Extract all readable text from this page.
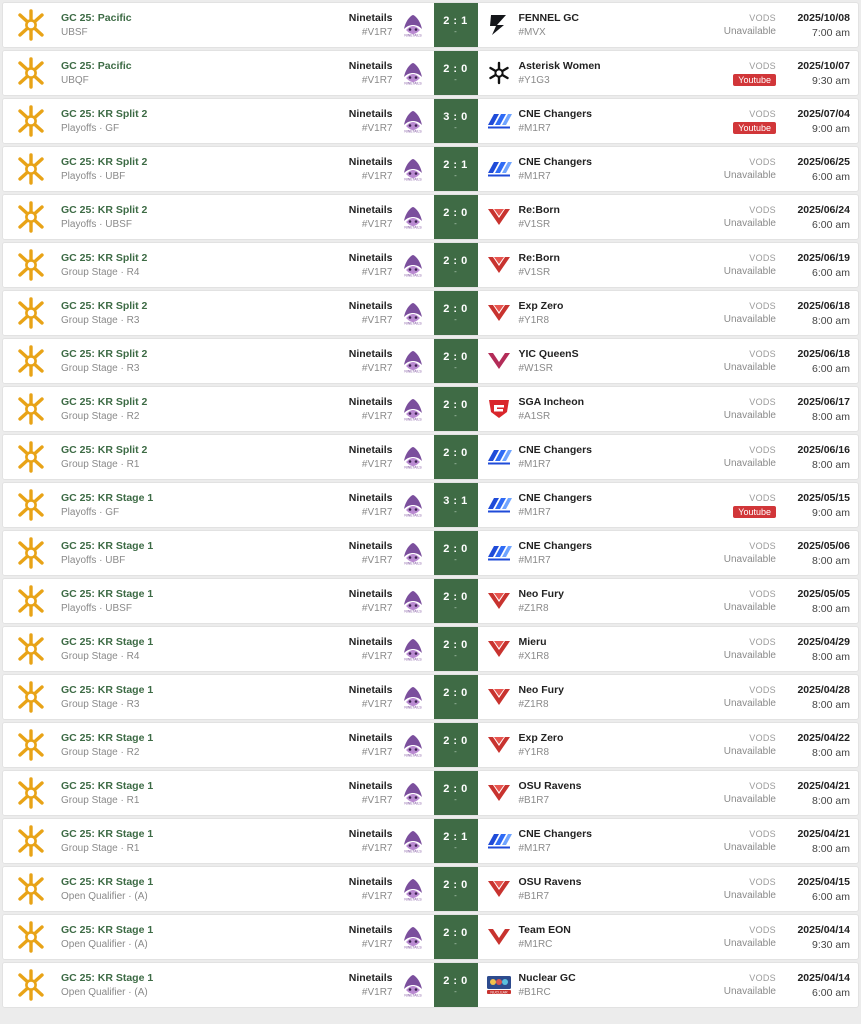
GC 25: Pacific
UBSF
Ninetails
#V1R7	NINETAILS
2 : 1
-
FENNEL GC
#MVX
VODS
Unavailable
2025/10/08
7:00 am
GC 25: Pacific
UBQF
Ninetails
#V1R7	NINETAILS
2 : 0
-
Asterisk Women
#Y1G3
VODS
Youtube
2025/10/07
9:30 am
GC 25: KR Split 2
Playoffs · GF
Ninetails
#V1R7	NINETAILS
3 : 0
-
CNE Changers
#M1R7
VODS
Youtube
2025/07/04
9:00 am
GC 25: KR Split 2
Playoffs · UBF
Ninetails
#V1R7	NINETAILS
2 : 1
-
CNE Changers
#M1R7
VODS
Unavailable
2025/06/25
6:00 am
GC 25: KR Split 2
Playoffs · UBSF
Ninetails
#V1R7	NINETAILS
2 : 0
-
Re:Born
#V1SR
VODS
Unavailable
2025/06/24
6:00 am
GC 25: KR Split 2
Group Stage · R4
Ninetails
#V1R7	NINETAILS
2 : 0
-
Re:Born
#V1SR
VODS
Unavailable
2025/06/19
6:00 am
GC 25: KR Split 2
Group Stage · R3
Ninetails
#V1R7	NINETAILS
2 : 0
-
Exp Zero
#Y1R8
VODS
Unavailable
2025/06/18
8:00 am
GC 25: KR Split 2
Group Stage · R3
Ninetails
#V1R7	NINETAILS
2 : 0
-
YIC QueenS
#W1SR
VODS
Unavailable
2025/06/18
6:00 am
GC 25: KR Split 2
Group Stage · R2
Ninetails
#V1R7	NINETAILS
2 : 0
-
SGA Incheon
#A1SR
VODS
Unavailable
2025/06/17
8:00 am
GC 25: KR Split 2
Group Stage · R1
Ninetails
#V1R7	NINETAILS
2 : 0
-
CNE Changers
#M1R7
VODS
Unavailable
2025/06/16
8:00 am
GC 25: KR Stage 1
Playoffs · GF
Ninetails
#V1R7	NINETAILS
3 : 1
-
CNE Changers
#M1R7
VODS
Youtube
2025/05/15
9:00 am
GC 25: KR Stage 1
Playoffs · UBF
Ninetails
#V1R7	NINETAILS
2 : 0
-
CNE Changers
#M1R7
VODS
Unavailable
2025/05/06
8:00 am
GC 25: KR Stage 1
Playoffs · UBSF
Ninetails
#V1R7	NINETAILS
2 : 0
-
Neo Fury
#Z1R8
VODS
Unavailable
2025/05/05
8:00 am
GC 25: KR Stage 1
Group Stage · R4
Ninetails
#V1R7	NINETAILS
2 : 0
-
Mieru
#X1R8
VODS
Unavailable
2025/04/29
8:00 am
GC 25: KR Stage 1
Group Stage · R3
Ninetails
#V1R7	NINETAILS
2 : 0
-
Neo Fury
#Z1R8
VODS
Unavailable
2025/04/28
8:00 am
GC 25: KR Stage 1
Group Stage · R2
Ninetails
#V1R7	NINETAILS
2 : 0
-
Exp Zero
#Y1R8
VODS
Unavailable
2025/04/22
8:00 am
GC 25: KR Stage 1
Group Stage · R1
Ninetails
#V1R7	NINETAILS
2 : 0
-
OSU Ravens
#B1R7
VODS
Unavailable
2025/04/21
8:00 am
GC 25: KR Stage 1
Group Stage · R1
Ninetails
#V1R7	NINETAILS
2 : 1
-
CNE Changers
#M1R7
VODS
Unavailable
2025/04/21
8:00 am
GC 25: KR Stage 1
Open Qualifier · (A)
Ninetails
#V1R7	NINETAILS
2 : 0
-
OSU Ravens
#B1R7
VODS
Unavailable
2025/04/15
6:00 am
GC 25: KR Stage 1
Open Qualifier · (A)
Ninetails
#V1R7	NINETAILS
2 : 0
-
Team EON
#M1RC
VODS
Unavailable
2025/04/14
9:30 am
GC 25: KR Stage 1
Open Qualifier · (A)
Ninetails
#V1R7	NINETAILS
2 : 0
-	NUCLEAR
Nuclear GC
#B1RC
VODS
Unavailable
2025/04/14
6:00 am
